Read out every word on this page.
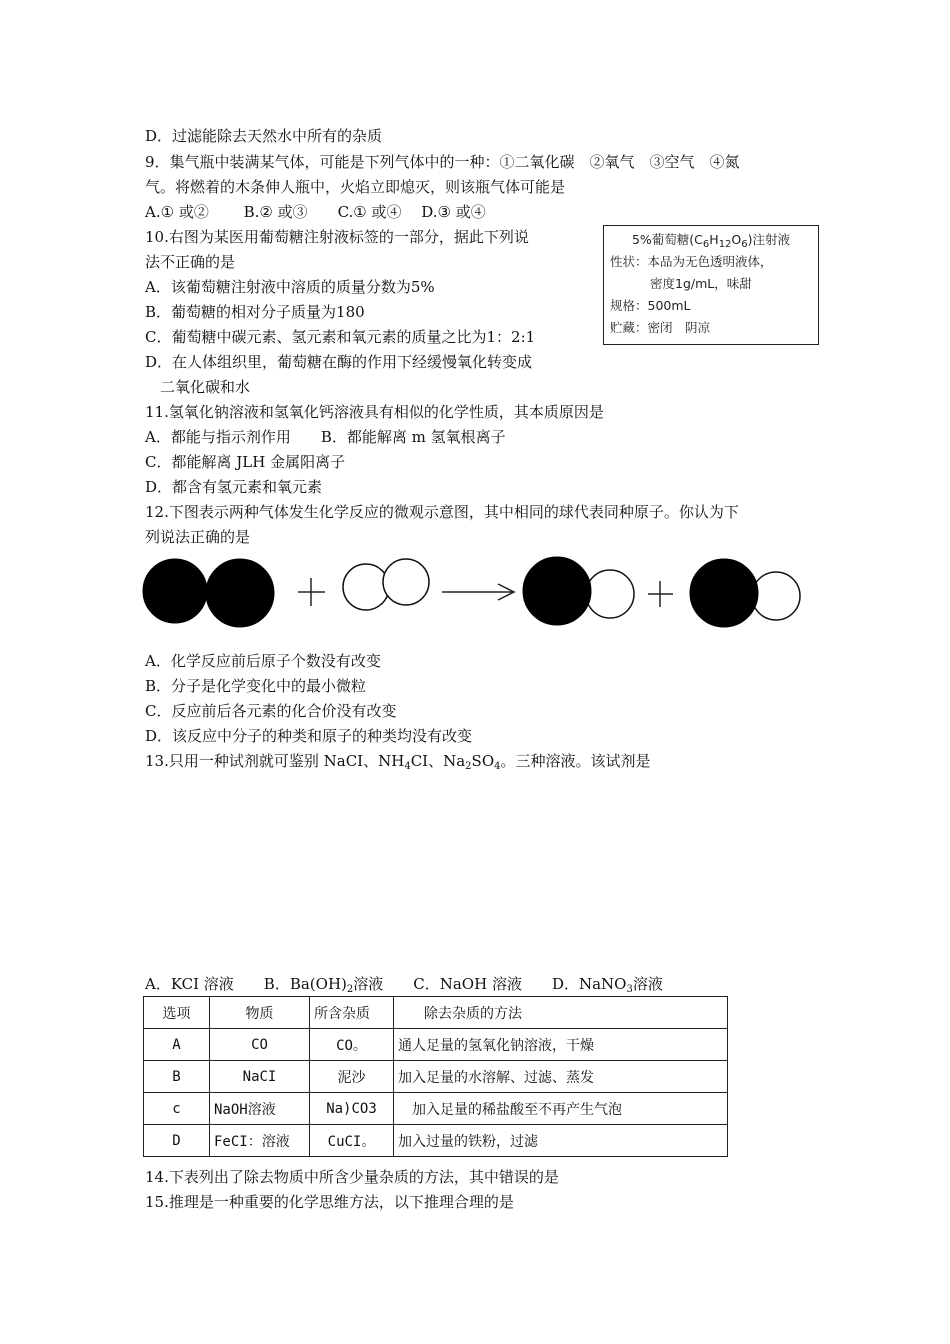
D．过滤能除去天然水中所有的杂质
9．集气瓶中装满某气体，可能是下列气体中的一种：①二氧化碳　②氧气　③空气　④氮
气。将燃着的木条伸人瓶中，火焰立即熄灭，则该瓶气体可能是
A.① 或②　　 B.② 或③　　C.① 或④　 D.③ 或④
10.右图为某医用葡萄糖注射液标签的一部分，据此下列说
法不正确的是
A．该葡萄糖注射液中溶质的质量分数为5%
B．葡萄糖的相对分子质量为180
C．葡萄糖中碳元素、氢元素和氧元素的质量之比为1：2:1
D．在人体组织里，葡萄糖在酶的作用下经缓慢氧化转变成
　二氧化碳和水
11.氢氧化钠溶液和氢氧化钙溶液具有相似的化学性质，其本质原因是
A．都能与指示剂作用　　B．都能解离 m 氢氧根离子
C．都能解离 JLH 金属阳离子
D．都含有氢元素和氧元素
12.下图表示两种气体发生化学反应的微观示意图，其中相同的球代表同种原子。你认为下
列说法正确的是
5%葡萄糖$(C_6H_{12}O_6)$注射液
性状：本品为无色透明液体，
密度1g/mL，味甜
规格：500mL
贮藏：密闭　阴凉
A．化学反应前后原子个数没有改变
B．分子是化学变化中的最小微粒
C．反应前后各元素的化合价没有改变
D．该反应中分子的种类和原子的种类均没有改变
13.只用一种试剂就可鉴别 NaCI、$NH_4CI$、$Na_2SO_4$。三种溶液。该试剂是
A．KCI 溶液　　B．$Ba(OH)_2$溶液　　C．NaOH 溶液　　D．NaNO$_3$溶液
选项	物质	所含杂质	除去杂质的方法
A	CO	CO。	通人足量的氢氧化钠溶液，干燥
B	NaCI	泥沙	加入足量的水溶解、过滤、蒸发
c	NaOH溶液	Na)CO3	　加入足量的稀盐酸至不再产生气泡
D	FeCI：溶液	CuCI。	加入过量的铁粉，过滤
14.下表列出了除去物质中所含少量杂质的方法，其中错误的是
15.推理是一种重要的化学思维方法，以下推理合理的是
